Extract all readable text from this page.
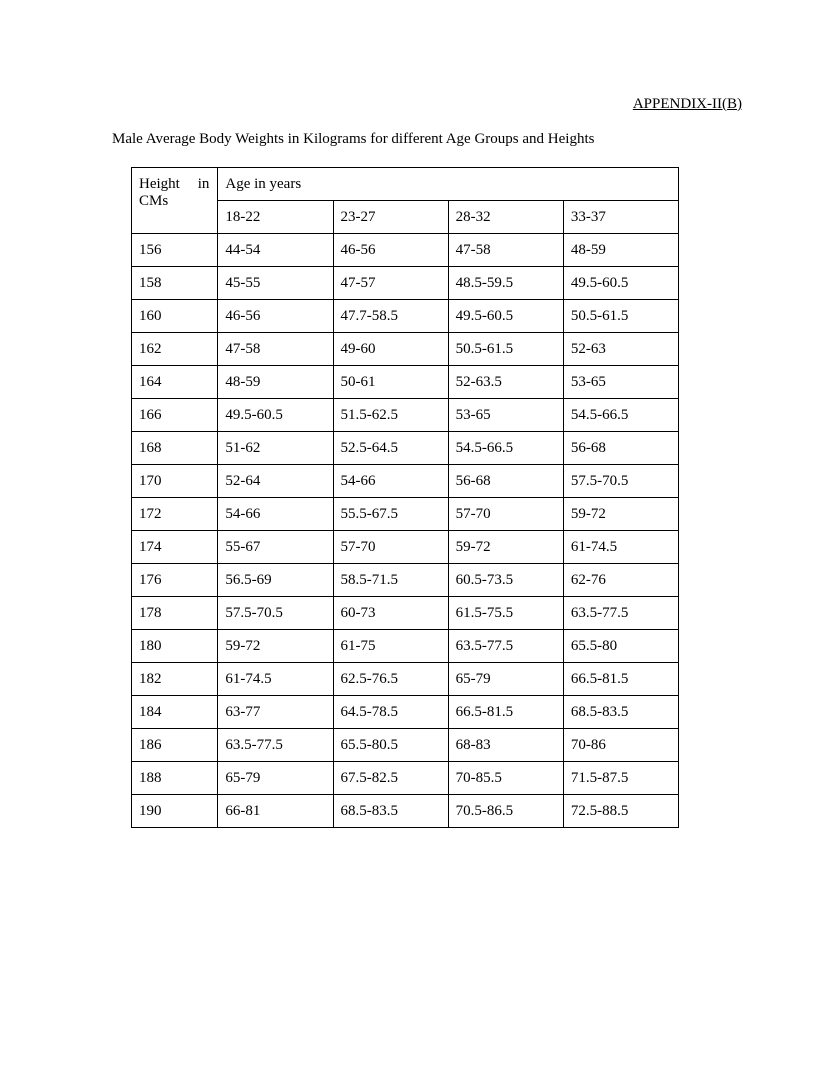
APPENDIX-II(B)
Male Average Body Weights in Kilograms for different Age Groups and Heights
Height in
CMs	Age in years			
	18-22	23-27	28-32	33-37
156	44-54	46-56	47-58	48-59
158	45-55	47-57	48.5-59.5	49.5-60.5
160	46-56	47.7-58.5	49.5-60.5	50.5-61.5
162	47-58	49-60	50.5-61.5	52-63
164	48-59	50-61	52-63.5	53-65
166	49.5-60.5	51.5-62.5	53-65	54.5-66.5
168	51-62	52.5-64.5	54.5-66.5	56-68
170	52-64	54-66	56-68	57.5-70.5
172	54-66	55.5-67.5	57-70	59-72
174	55-67	57-70	59-72	61-74.5
176	56.5-69	58.5-71.5	60.5-73.5	62-76
178	57.5-70.5	60-73	61.5-75.5	63.5-77.5
180	59-72	61-75	63.5-77.5	65.5-80
182	61-74.5	62.5-76.5	65-79	66.5-81.5
184	63-77	64.5-78.5	66.5-81.5	68.5-83.5
186	63.5-77.5	65.5-80.5	68-83	70-86
188	65-79	67.5-82.5	70-85.5	71.5-87.5
190	66-81	68.5-83.5	70.5-86.5	72.5-88.5
